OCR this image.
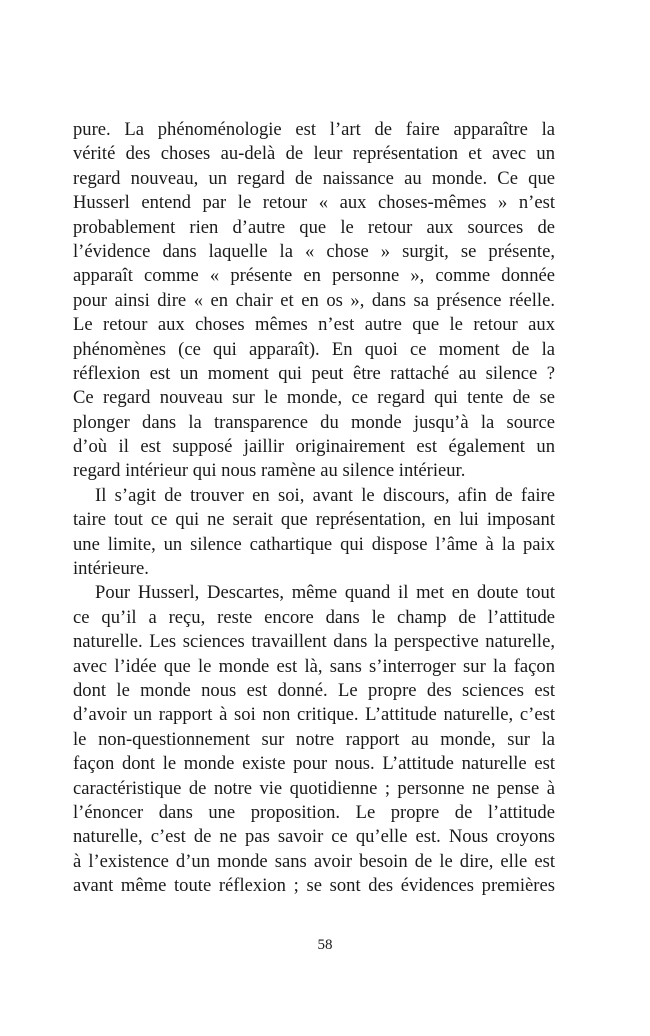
pure. La phénoménologie est l’art de faire apparaître la
vérité des choses au-delà de leur représentation et avec un
regard nouveau, un regard de naissance au monde. Ce que
Husserl entend par le retour « aux choses-mêmes » n’est
probablement rien d’autre que le retour aux sources de
l’évidence dans laquelle la « chose » surgit, se présente,
apparaît comme « présente en personne », comme donnée
pour ainsi dire « en chair et en os », dans sa présence réelle.
Le retour aux choses mêmes n’est autre que le retour aux
phénomènes (ce qui apparaît). En quoi ce moment de la
réflexion est un moment qui peut être rattaché au silence ?
Ce regard nouveau sur le monde, ce regard qui tente de se
plonger dans la transparence du monde jusqu’à la source
d’où il est supposé jaillir originairement est également un
regard intérieur qui nous ramène au silence intérieur.
Il s’agit de trouver en soi, avant le discours, afin de faire
taire tout ce qui ne serait que représentation, en lui imposant
une limite, un silence cathartique qui dispose l’âme à la paix
intérieure.
Pour Husserl, Descartes, même quand il met en doute tout
ce qu’il a reçu, reste encore dans le champ de l’attitude
naturelle. Les sciences travaillent dans la perspective naturelle,
avec l’idée que le monde est là, sans s’interroger sur la façon
dont le monde nous est donné. Le propre des sciences est
d’avoir un rapport à soi non critique. L’attitude naturelle, c’est
le non-questionnement sur notre rapport au monde, sur la
façon dont le monde existe pour nous. L’attitude naturelle est
caractéristique de notre vie quotidienne ; personne ne pense à
l’énoncer dans une proposition. Le propre de l’attitude
naturelle, c’est de ne pas savoir ce qu’elle est. Nous croyons
à l’existence d’un monde sans avoir besoin de le dire, elle est
avant même toute réflexion ; se sont des évidences premières
58
